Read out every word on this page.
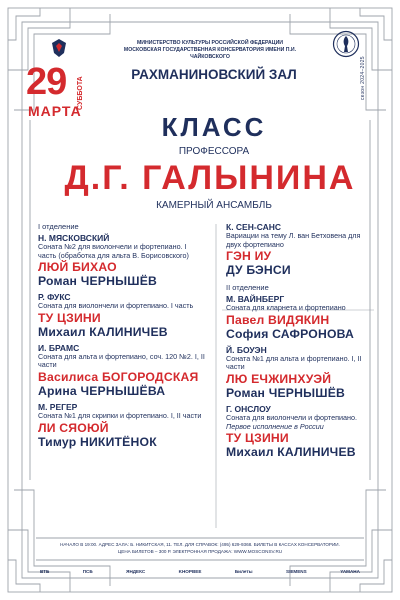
МИНИСТЕРСТВО КУЛЬТУРЫ РОССИЙСКОЙ ФЕДЕРАЦИИ
МОСКОВСКАЯ ГОСУДАРСТВЕННАЯ КОНСЕРВАТОРИЯ ИМЕНИ П.И. ЧАЙКОВСКОГО	сезон 2024–2025
29	СУББОТА
МАРТА
РАХМАНИНОВСКИЙ ЗАЛ
КЛАСС
ПРОФЕССОРА
Д.Г. ГАЛЫНИНА
КАМЕРНЫЙ АНСАМБЛЬ
I отделение
Н. МЯСКОВСКИЙ
Соната №2 для виолончели и фортепиано. I часть (обработка для альта В. Борисовского)
ЛЮЙ БИХАО
Роман ЧЕРНЫШЁВ
Р. ФУКС
Соната для виолончели и фортепиано. I часть
ТУ ЦЗИНИ
Михаил КАЛИНИЧЕВ
И. БРАМС
Соната для альта и фортепиано, соч. 120 №2. I, II части
Василиса БОГОРОДСКАЯ
Арина ЧЕРНЫШЁВА
М. РЕГЕР
Соната №1 для скрипки и фортепиано. I, II части
ЛИ СЯОЮЙ
Тимур НИКИТЁНОК
К. СЕН-САНС
Вариации на тему Л. ван Бетховена для двух фортепиано
ГЭН ИУ
ДУ БЭНСИ
II отделение
М. ВАЙНБЕРГ
Соната для кларнета и фортепиано
Павел ВИДЯКИН
София САФРОНОВА
Й. БОУЭН
Соната №1 для альта и фортепиано. I, II части
ЛЮ ЕЧЖИНХУЭЙ
Роман ЧЕРНЫШЁВ
Г. ОНСЛОУ
Соната для виолончели и фортепиано.
Первое исполнение в России
ТУ ЦЗИНИ
Михаил КАЛИНИЧЕВ
НАЧАЛО В 19:00. АДРЕС ЗАЛА: Б. НИКИТСКАЯ, 11. ТЕЛ. ДЛЯ СПРАВОК: (495) 629-9368. БИЛЕТЫ В КАССАХ КОНСЕРВАТОРИИ.
ЦЕНА БИЛЕТОВ – 300 Р. ЭЛЕКТРОННАЯ ПРОДАЖА: WWW.MOSCONSV.RU
ВТБ	ПСБ	ЯНДЕКС	KHOPBEE	Билеты	SIEMENS	YAMAHA
